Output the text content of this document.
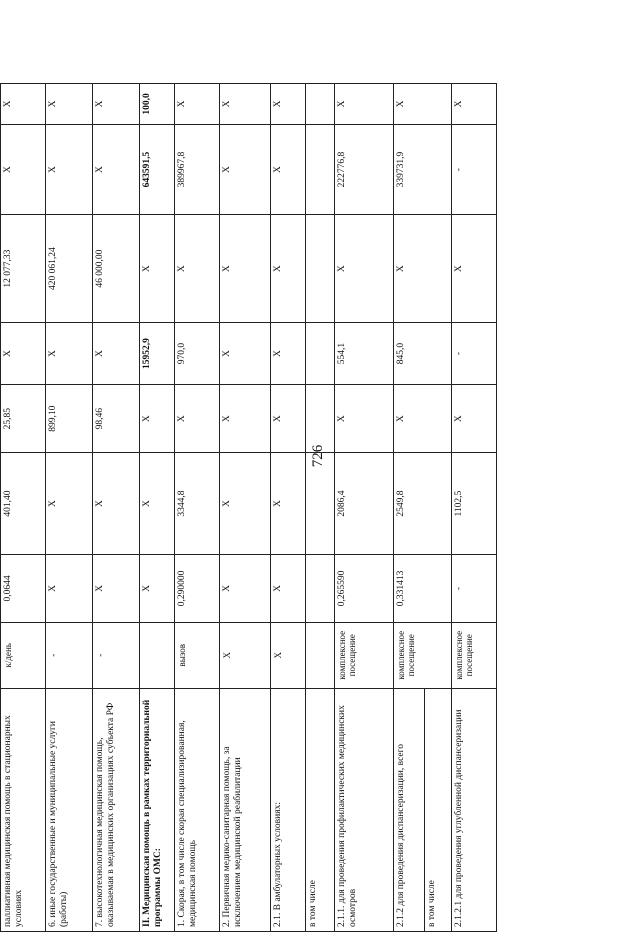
726

паллиативная медицинская помощь в стационарных условиях	к/день	0,0644	401,40	25,85	Х	12 077,33	Х	Х
6. иные государственные и муниципальные услуги (работы)	-	Х	Х	899,10	Х	420 061,24	Х	Х
7. высокотехнологичная медицинская помощь, оказываемая в медицинских организациях субъекта РФ	-	Х	Х	98,46	Х	46 000,00	Х	Х
II. Медицинская помощь в рамках территориальной программы ОМС:		Х	Х	Х	15952,9	Х	643591,5	100,0
1. Скорая, в том числе скорая специализированная, медицинская помощь	вызов	0,290000	3344,8	Х	970,0	Х	389967,8	Х
2. Первичная медико-санитарная помощь, за исключением медицинской реабилитации	Х	Х	Х	Х	Х	Х	Х	Х
2.1. В амбулаторных условиях:	Х	Х	Х	Х	Х	Х	Х	Х
в том числе								
2.1.1. для проведения профилактических медицинских осмотров	комплексное посещение	0,265590	2086,4	Х	554,1	Х	222776,8	Х
2.1.2 для проведения диспансеризации, всего	комплексное посещение	0,331413	2549,8	Х	845,0	Х	339731,9	Х
в том числе								
2.1.2.1 для проведения углубленной диспансеризации	комплексное посещение	-	1102,5	Х	-	Х	-	Х
